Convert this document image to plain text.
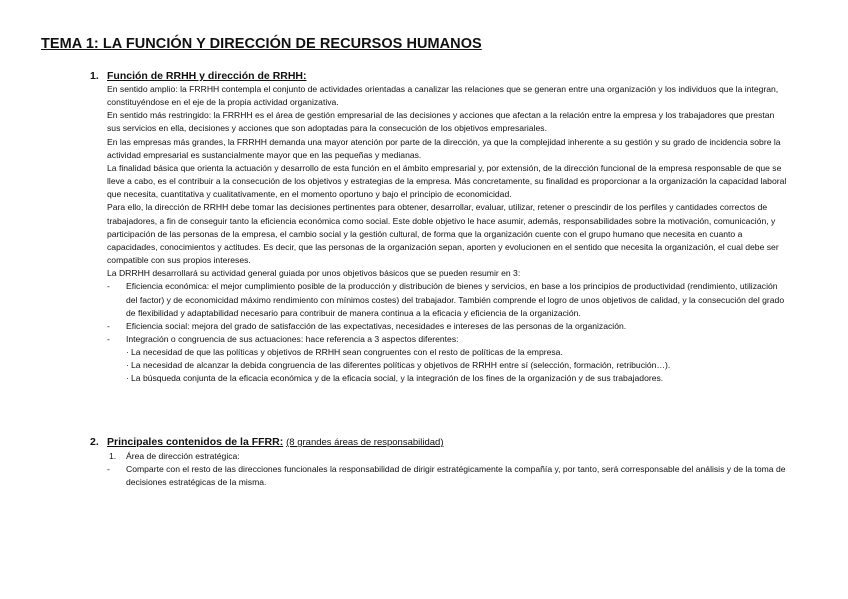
TEMA 1: LA FUNCIÓN Y DIRECCIÓN DE RECURSOS HUMANOS
1. Función de RRHH y dirección de RRHH:

En sentido amplio: la FRRHH contempla el conjunto de actividades orientadas a canalizar las relaciones que se generan entre una organización y los individuos que la integran, constituyéndose en el eje de la propia actividad organizativa.

En sentido más restringido: la FRRHH es el área de gestión empresarial de las decisiones y acciones que afectan a la relación entre la empresa y los trabajadores que prestan sus servicios en ella, decisiones y acciones que son adoptadas para la consecución de los objetivos empresariales.

En las empresas más grandes, la FRRHH demanda una mayor atención por parte de la dirección, ya que la complejidad inherente a su gestión y su grado de incidencia sobre la actividad empresarial es sustancialmente mayor que en las pequeñas y medianas.

La finalidad básica que orienta la actuación y desarrollo de esta función en el ámbito empresarial y, por extensión, de la dirección funcional de la empresa responsable de que se lleve a cabo, es el contribuir a la consecución de los objetivos y estrategias de la empresa. Más concretamente, su finalidad es proporcionar a la organización la capacidad laboral que necesita, cuantitativa y cualitativamente, en el momento oportuno y bajo el principio de economicidad.

Para ello, la dirección de RRHH debe tomar las decisiones pertinentes para obtener, desarrollar, evaluar, utilizar, retener o prescindir de los perfiles y cantidades correctos de trabajadores, a fin de conseguir tanto la eficiencia económica como social. Este doble objetivo le hace asumir, además, responsabilidades sobre la motivación, comunicación, y participación de las personas de la empresa, el cambio social y la gestión cultural, de forma que la organización cuente con el grupo humano que necesita en cuanto a capacidades, conocimientos y actitudes. Es decir, que las personas de la organización sepan, aporten y evolucionen en el sentido que necesita la organización, el cual debe ser compatible con sus propios intereses.

La DRRHH desarrollará su actividad general guiada por unos objetivos básicos que se pueden resumir en 3:

- Eficiencia económica: el mejor cumplimiento posible de la producción y distribución de bienes y servicios, en base a los principios de productividad (rendimiento, utilización del factor) y de economicidad máximo rendimiento con mínimos costes) del trabajador. También comprende el logro de unos objetivos de calidad, y la consecución del grado de flexibilidad y adaptabilidad necesario para contribuir de manera continua a la eficacia y eficiencia de la organización.
- Eficiencia social: mejora del grado de satisfacción de las expectativas, necesidades e intereses de las personas de la organización.
- Integración o congruencia de sus actuaciones: hace referencia a 3 aspectos diferentes:
· La necesidad de que las políticas y objetivos de RRHH sean congruentes con el resto de políticas de la empresa.
· La necesidad de alcanzar la debida congruencia de las diferentes políticas y objetivos de RRHH entre sí (selección, formación, retribución…).
· La búsqueda conjunta de la eficacia económica y de la eficacia social, y la integración de los fines de la organización y de sus trabajadores.
2. Principales contenidos de la FFRR: (8 grandes áreas de responsabilidad)
1. Área de dirección estratégica:
- Comparte con el resto de las direcciones funcionales la responsabilidad de dirigir estratégicamente la compañía y, por tanto, será corresponsable del análisis y de la toma de decisiones estratégicas de la misma.
